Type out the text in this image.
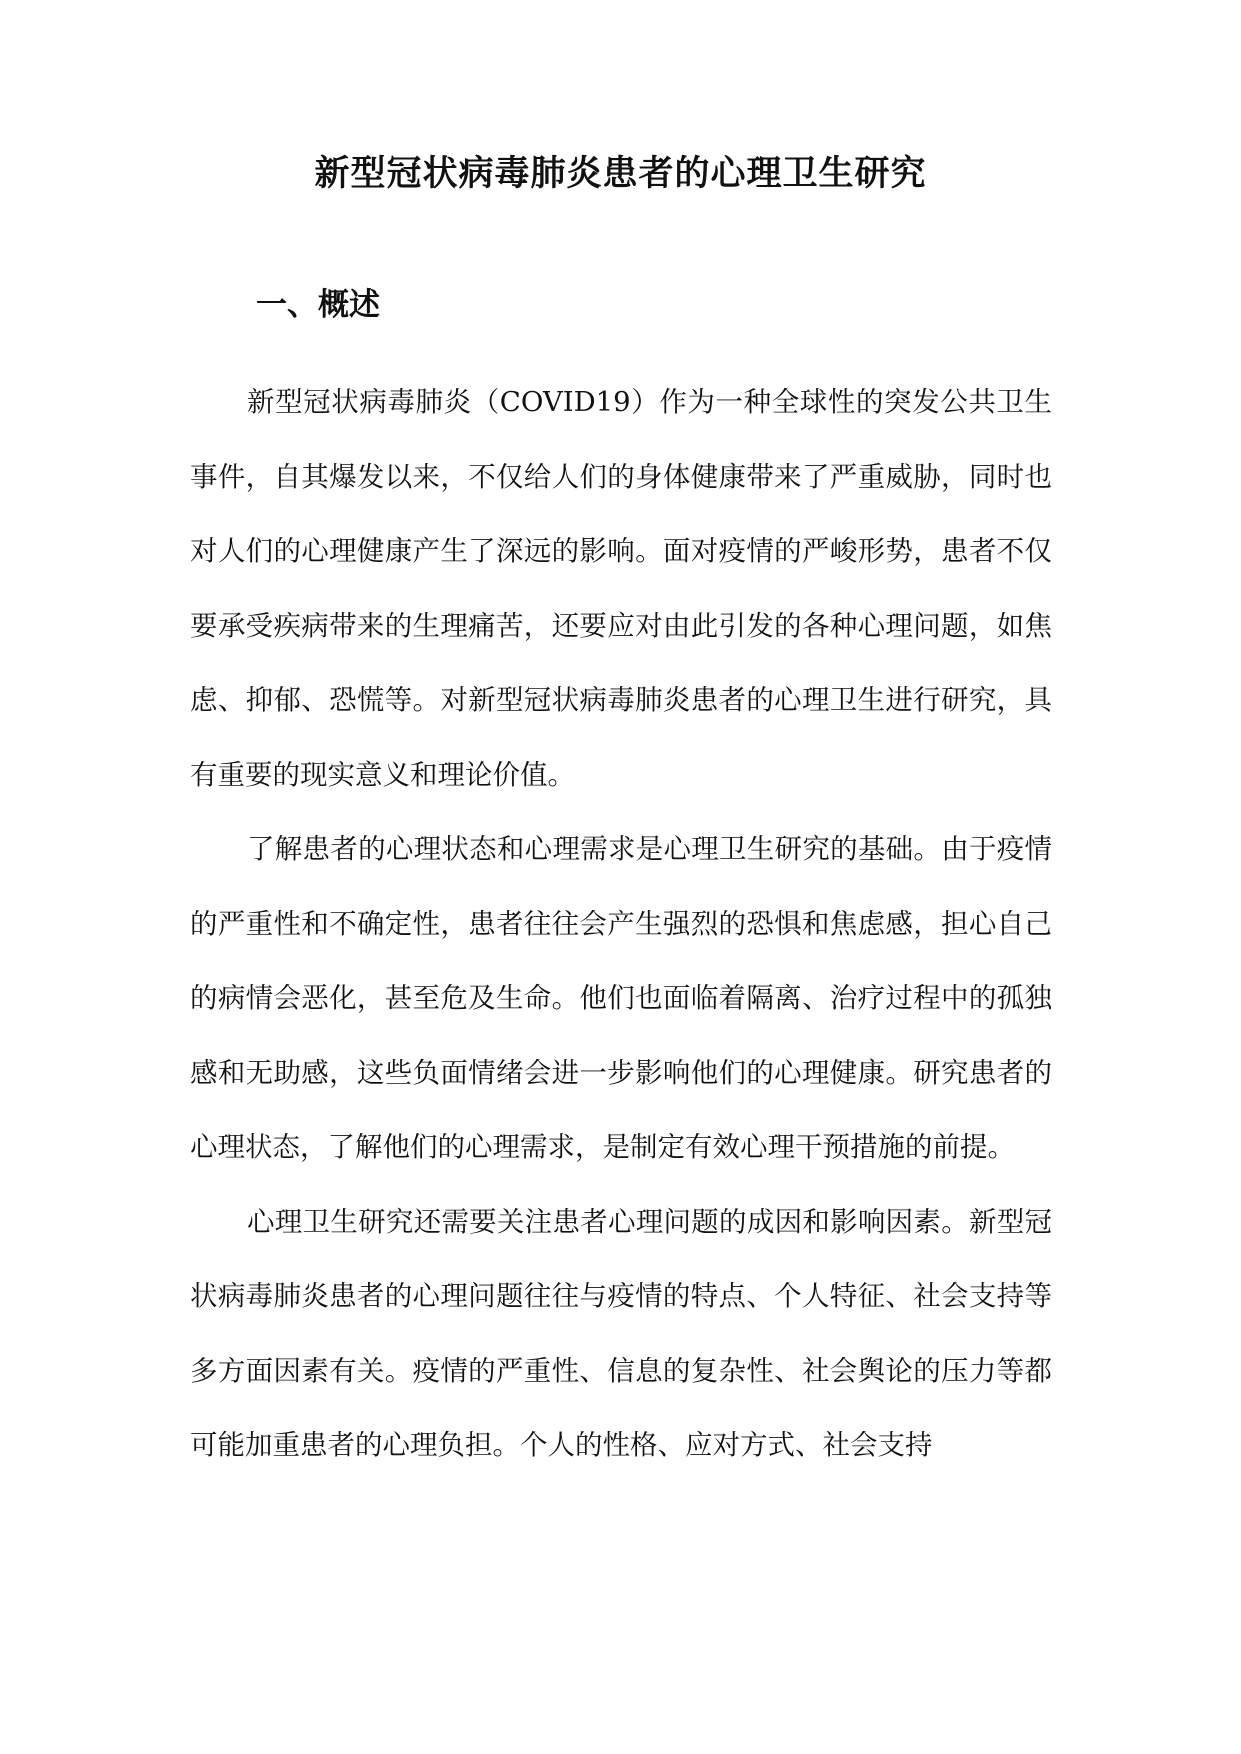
新型冠状病毒肺炎患者的心理卫生研究
一、概述

新型冠状病毒肺炎（COVID19）作为一种全球性的突发公共卫生事件，自其爆发以来，不仅给人们的身体健康带来了严重威胁，同时也对人们的心理健康产生了深远的影响。面对疫情的严峻形势，患者不仅要承受疾病带来的生理痛苦，还要应对由此引发的各种心理问题，如焦虑、抑郁、恐慌等。对新型冠状病毒肺炎患者的心理卫生进行研究，具有重要的现实意义和理论价值。

了解患者的心理状态和心理需求是心理卫生研究的基础。由于疫情的严重性和不确定性，患者往往会产生强烈的恐惧和焦虑感，担心自己的病情会恶化，甚至危及生命。他们也面临着隔离、治疗过程中的孤独感和无助感，这些负面情绪会进一步影响他们的心理健康。研究患者的心理状态，了解他们的心理需求，是制定有效心理干预措施的前提。

心理卫生研究还需要关注患者心理问题的成因和影响因素。新型冠状病毒肺炎患者的心理问题往往与疫情的特点、个人特征、社会支持等多方面因素有关。疫情的严重性、信息的复杂性、社会舆论的压力等都可能加重患者的心理负担。个人的性格、应对方式、社会支持
